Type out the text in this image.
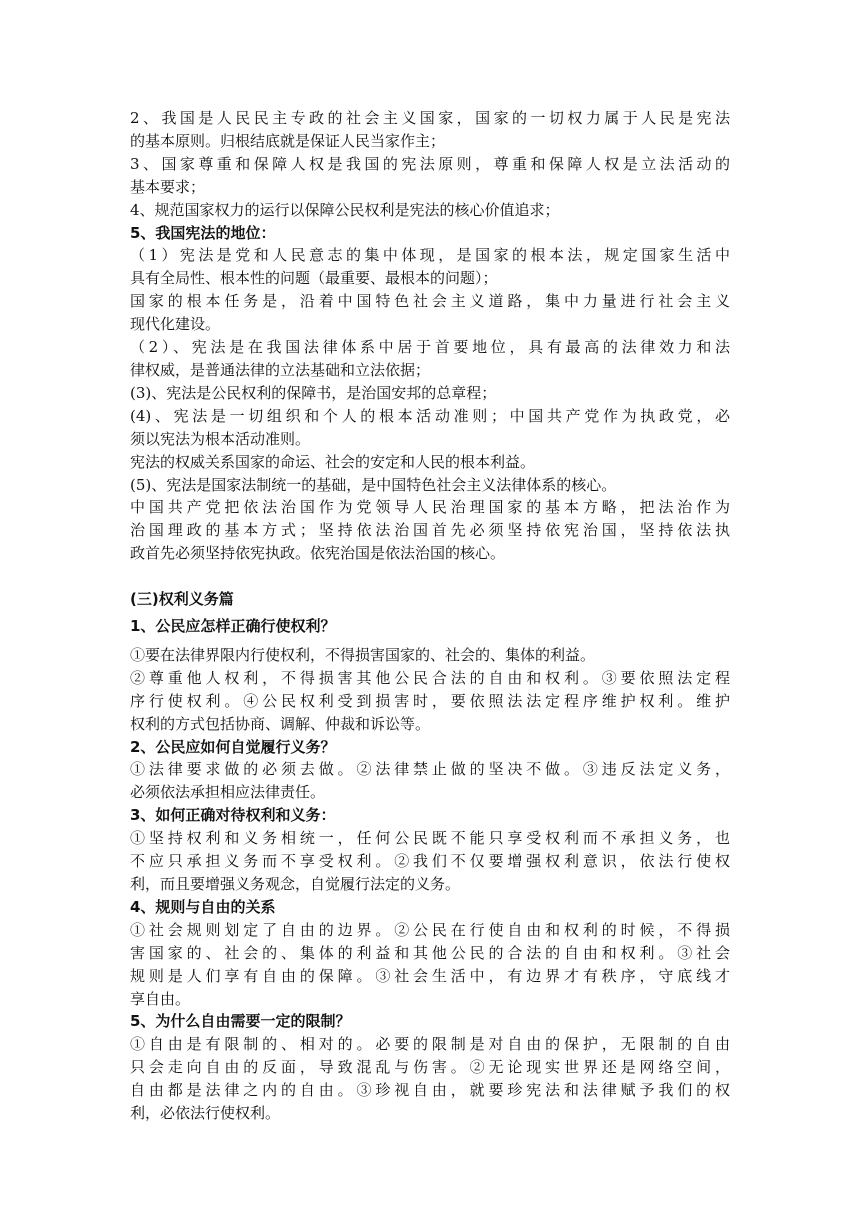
2、我国是人民民主专政的社会主义国家，国家的一切权力属于人民是宪法
的基本原则。归根结底就是保证人民当家作主；
3、国家尊重和保障人权是我国的宪法原则，尊重和保障人权是立法活动的
基本要求；
4、规范国家权力的运行以保障公民权利是宪法的核心价值追求；
5、我国宪法的地位：
（1）宪法是党和人民意志的集中体现，是国家的根本法，规定国家生活中
具有全局性、根本性的问题（最重要、最根本的问题）；
国家的根本任务是，沿着中国特色社会主义道路，集中力量进行社会主义
现代化建设。
（2）、宪法是在我国法律体系中居于首要地位，具有最高的法律效力和法
律权威，是普通法律的立法基础和立法依据；
(3)、宪法是公民权利的保障书，是治国安邦的总章程；
(4)、宪法是一切组织和个人的根本活动准则；中国共产党作为执政党，必
须以宪法为根本活动准则。
宪法的权威关系国家的命运、社会的安定和人民的根本利益。
(5)、宪法是国家法制统一的基础，是中国特色社会主义法律体系的核心。
中国共产党把依法治国作为党领导人民治理国家的基本方略，把法治作为
治国理政的基本方式；坚持依法治国首先必须坚持依宪治国，坚持依法执
政首先必须坚持依宪执政。依宪治国是依法治国的核心。
(三)权利义务篇
1、公民应怎样正确行使权利？
①要在法律界限内行使权利，不得损害国家的、社会的、集体的利益。
②尊重他人权利，不得损害其他公民合法的自由和权利。③要依照法定程
序行使权利。④公民权利受到损害时，要依照法法定程序维护权利。维护
权利的方式包括协商、调解、仲裁和诉讼等。
2、公民应如何自觉履行义务？
①法律要求做的必须去做。②法律禁止做的坚决不做。③违反法定义务，
必须依法承担相应法律责任。
3、如何正确对待权利和义务：
①坚持权利和义务相统一，任何公民既不能只享受权利而不承担义务，也
不应只承担义务而不享受权利。②我们不仅要增强权利意识，依法行使权
利，而且要增强义务观念，自觉履行法定的义务。
4、规则与自由的关系
①社会规则划定了自由的边界。②公民在行使自由和权利的时候，不得损
害国家的、社会的、集体的利益和其他公民的合法的自由和权利。③社会
规则是人们享有自由的保障。③社会生活中，有边界才有秩序，守底线才
享自由。
5、为什么自由需要一定的限制？
①自由是有限制的、相对的。必要的限制是对自由的保护，无限制的自由
只会走向自由的反面，导致混乱与伤害。②无论现实世界还是网络空间，
自由都是法律之内的自由。③珍视自由，就要珍宪法和法律赋予我们的权
利，必依法行使权利。
